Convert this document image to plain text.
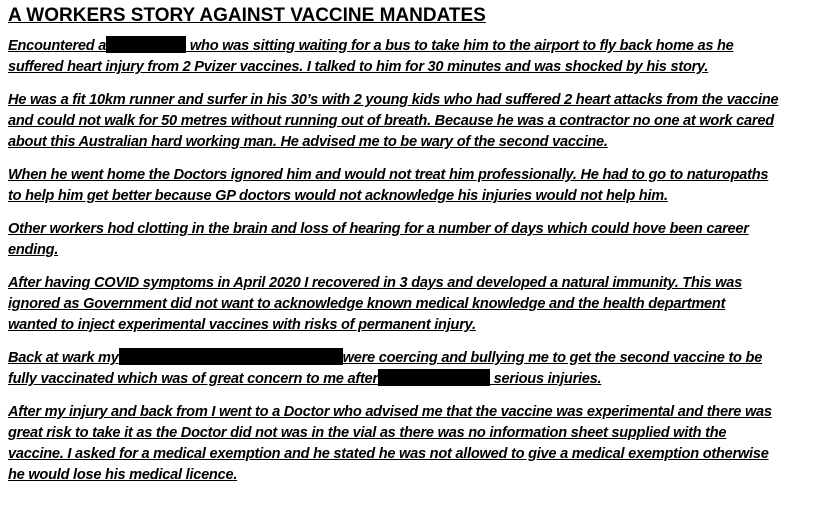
A WORKERS STORY AGAINST VACCINE MANDATES
Encountered a	who was sitting waiting for a bus to take him to the airport to fly back home as he
suffered heart injury from 2 Pvizer vaccines. I talked to him for 30 minutes and was shocked by his story.
He was a fit 10km runner and surfer in his 30’s with 2 young kids who had suffered 2 heart attacks from the vaccine
and could not walk for 50 metres without running out of breath. Because he was a contractor no one at work cared
about this Australian hard working man. He advised me to be wary of the second vaccine.
When he went home the Doctors ignored him and would not treat him professionally. He had to go to naturopaths
to help him get better because GP doctors would not acknowledge his injuries would not help him.
Other workers hod clotting in the brain and loss of hearing for a number of days which could hove been career
ending.
After having COVID symptoms in April 2020 I recovered in 3 days and developed a natural immunity. This was
ignored as Government did not want to acknowledge known medical knowledge and the health department
wanted to inject experimental vaccines with risks of permanent injury.
Back at wark my	were coercing and bullying me to get the second vaccine to be
fully vaccinated which was of great concern to me after	serious injuries.
After my injury and back from I went to a Doctor who advised me that the vaccine was experimental and there was
great risk to take it as the Doctor did not was in the vial as there was no information sheet supplied with the
vaccine. I asked for a medical exemption and he stated he was not allowed to give a medical exemption otherwise
he would lose his medical licence.
